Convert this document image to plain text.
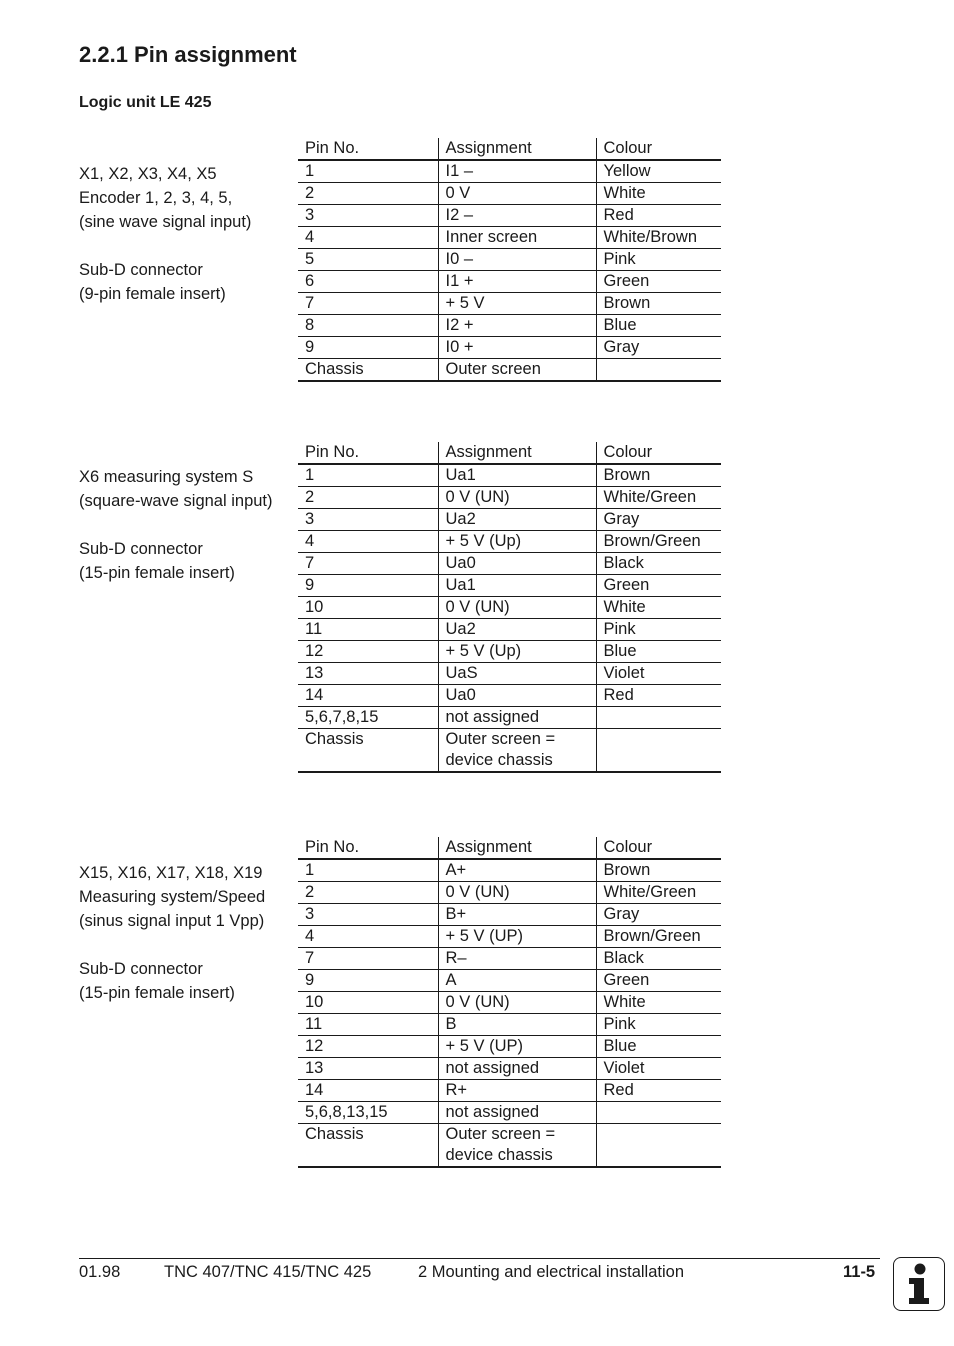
2.2.1 Pin assignment
Logic unit LE 425
X1, X2, X3, X4, X5
Encoder 1, 2, 3, 4, 5,
(sine wave signal input)

Sub-D connector
(9-pin female insert)
Pin No.	Assignment	Colour
1	I1 –	Yellow
2	0 V	White
3	I2 –	Red
4	Inner screen	White/Brown
5	I0 –	Pink
6	I1 +	Green
7	+ 5 V	Brown
8	I2 +	Blue
9	I0 +	Gray
Chassis	Outer screen	
X6 measuring system S
(square-wave signal input)

Sub-D connector
(15-pin female insert)
Pin No.	Assignment	Colour
1	Ua1	Brown
2	0 V (UN)	White/Green
3	Ua2	Gray
4	+ 5 V (Up)	Brown/Green
7	Ua0	Black
9	Ua1	Green
10	0 V (UN)	White
11	Ua2	Pink
12	+ 5 V (Up)	Blue
13	UaS	Violet
14	Ua0	Red
5,6,7,8,15	not assigned	
Chassis	Outer screen = device chassis	
X15, X16, X17, X18, X19
Measuring system/Speed
(sinus signal input 1 Vpp)

Sub-D connector
(15-pin female insert)
Pin No.	Assignment	Colour
1	A+	Brown
2	0 V (UN)	White/Green
3	B+	Gray
4	+ 5 V (UP)	Brown/Green
7	R–	Black
9	A	Green
10	0 V (UN)	White
11	B	Pink
12	+ 5 V (UP)	Blue
13	not assigned	Violet
14	R+	Red
5,6,8,13,15	not assigned	
Chassis	Outer screen = device chassis	
01.98	TNC 407/TNC 415/TNC 425	2 Mounting and electrical installation	11-5
